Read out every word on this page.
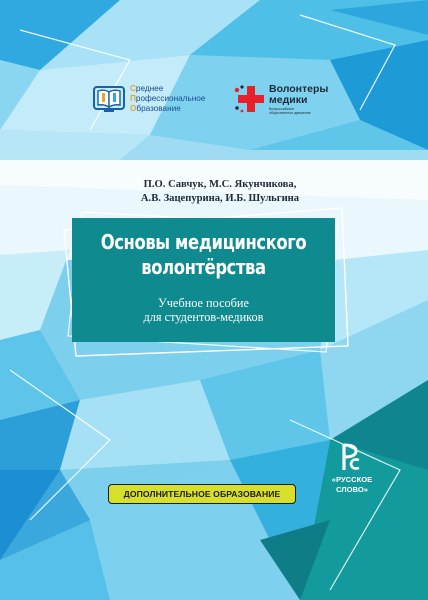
Среднее
Профессиональное
Образование
Волонтеры
медики
Всероссийское
общественное движение
П.О. Савчук, М.С. Якунчикова,
А.В. Зацепурина, И.Б. Шульгина
Основы медицинского
волонтёрства
Учебное пособие
для студентов-медиков
ДОПОЛНИТЕЛЬНОЕ ОБРАЗОВАНИЕ
«РУССКОЕ
СЛОВО»
